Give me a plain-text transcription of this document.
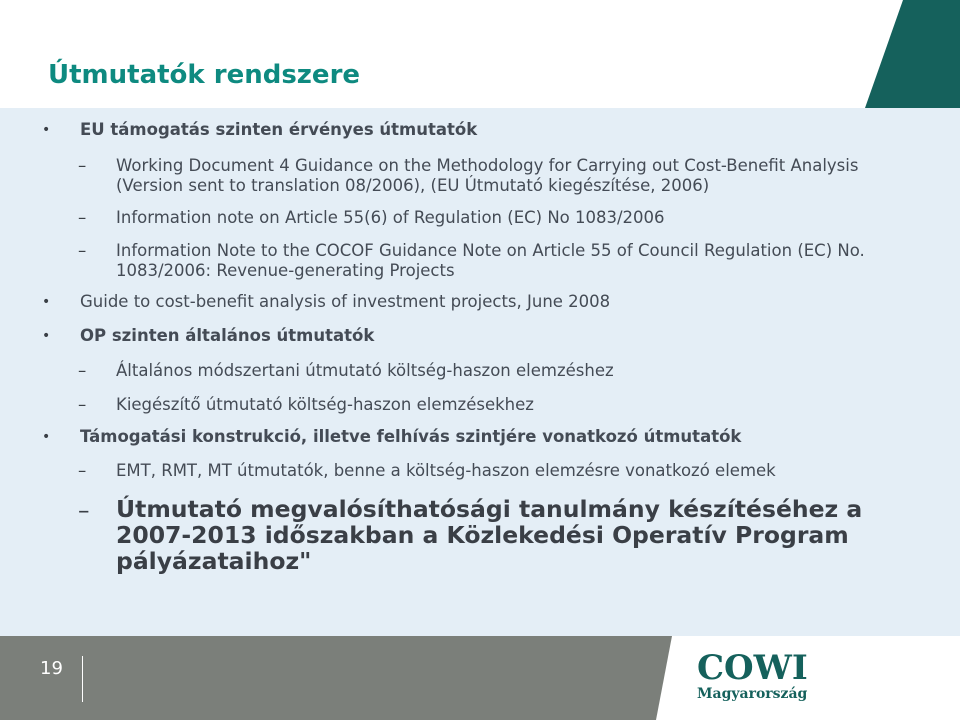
Útmutatók rendszere
• EU támogatás szinten érvényes útmutatók

– Working Document 4 Guidance on the Methodology for Carrying out Cost-Benefit Analysis (Version sent to translation 08/2006), (EU Útmutató kiegészítése, 2006)

– Information note on Article 55(6) of Regulation (EC) No 1083/2006

– Information Note to the COCOF Guidance Note on Article 55 of Council Regulation (EC) No. 1083/2006: Revenue-generating Projects

• Guide to cost-benefit analysis of investment projects, June 2008

• OP szinten általános útmutatók

– Általános módszertani útmutató költség-haszon elemzéshez

– Kiegészítő útmutató költség-haszon elemzésekhez

• Támogatási konstrukció, illetve felhívás szintjére vonatkozó útmutatók

– EMT, RMT, MT útmutatók, benne a költség-haszon elemzésre vonatkozó elemek

– Útmutató megvalósíthatósági tanulmány készítéséhez a 2007-2013 időszakban a Közlekedési Operatív Program pályázataihoz"

19	COWI
Magyarország
